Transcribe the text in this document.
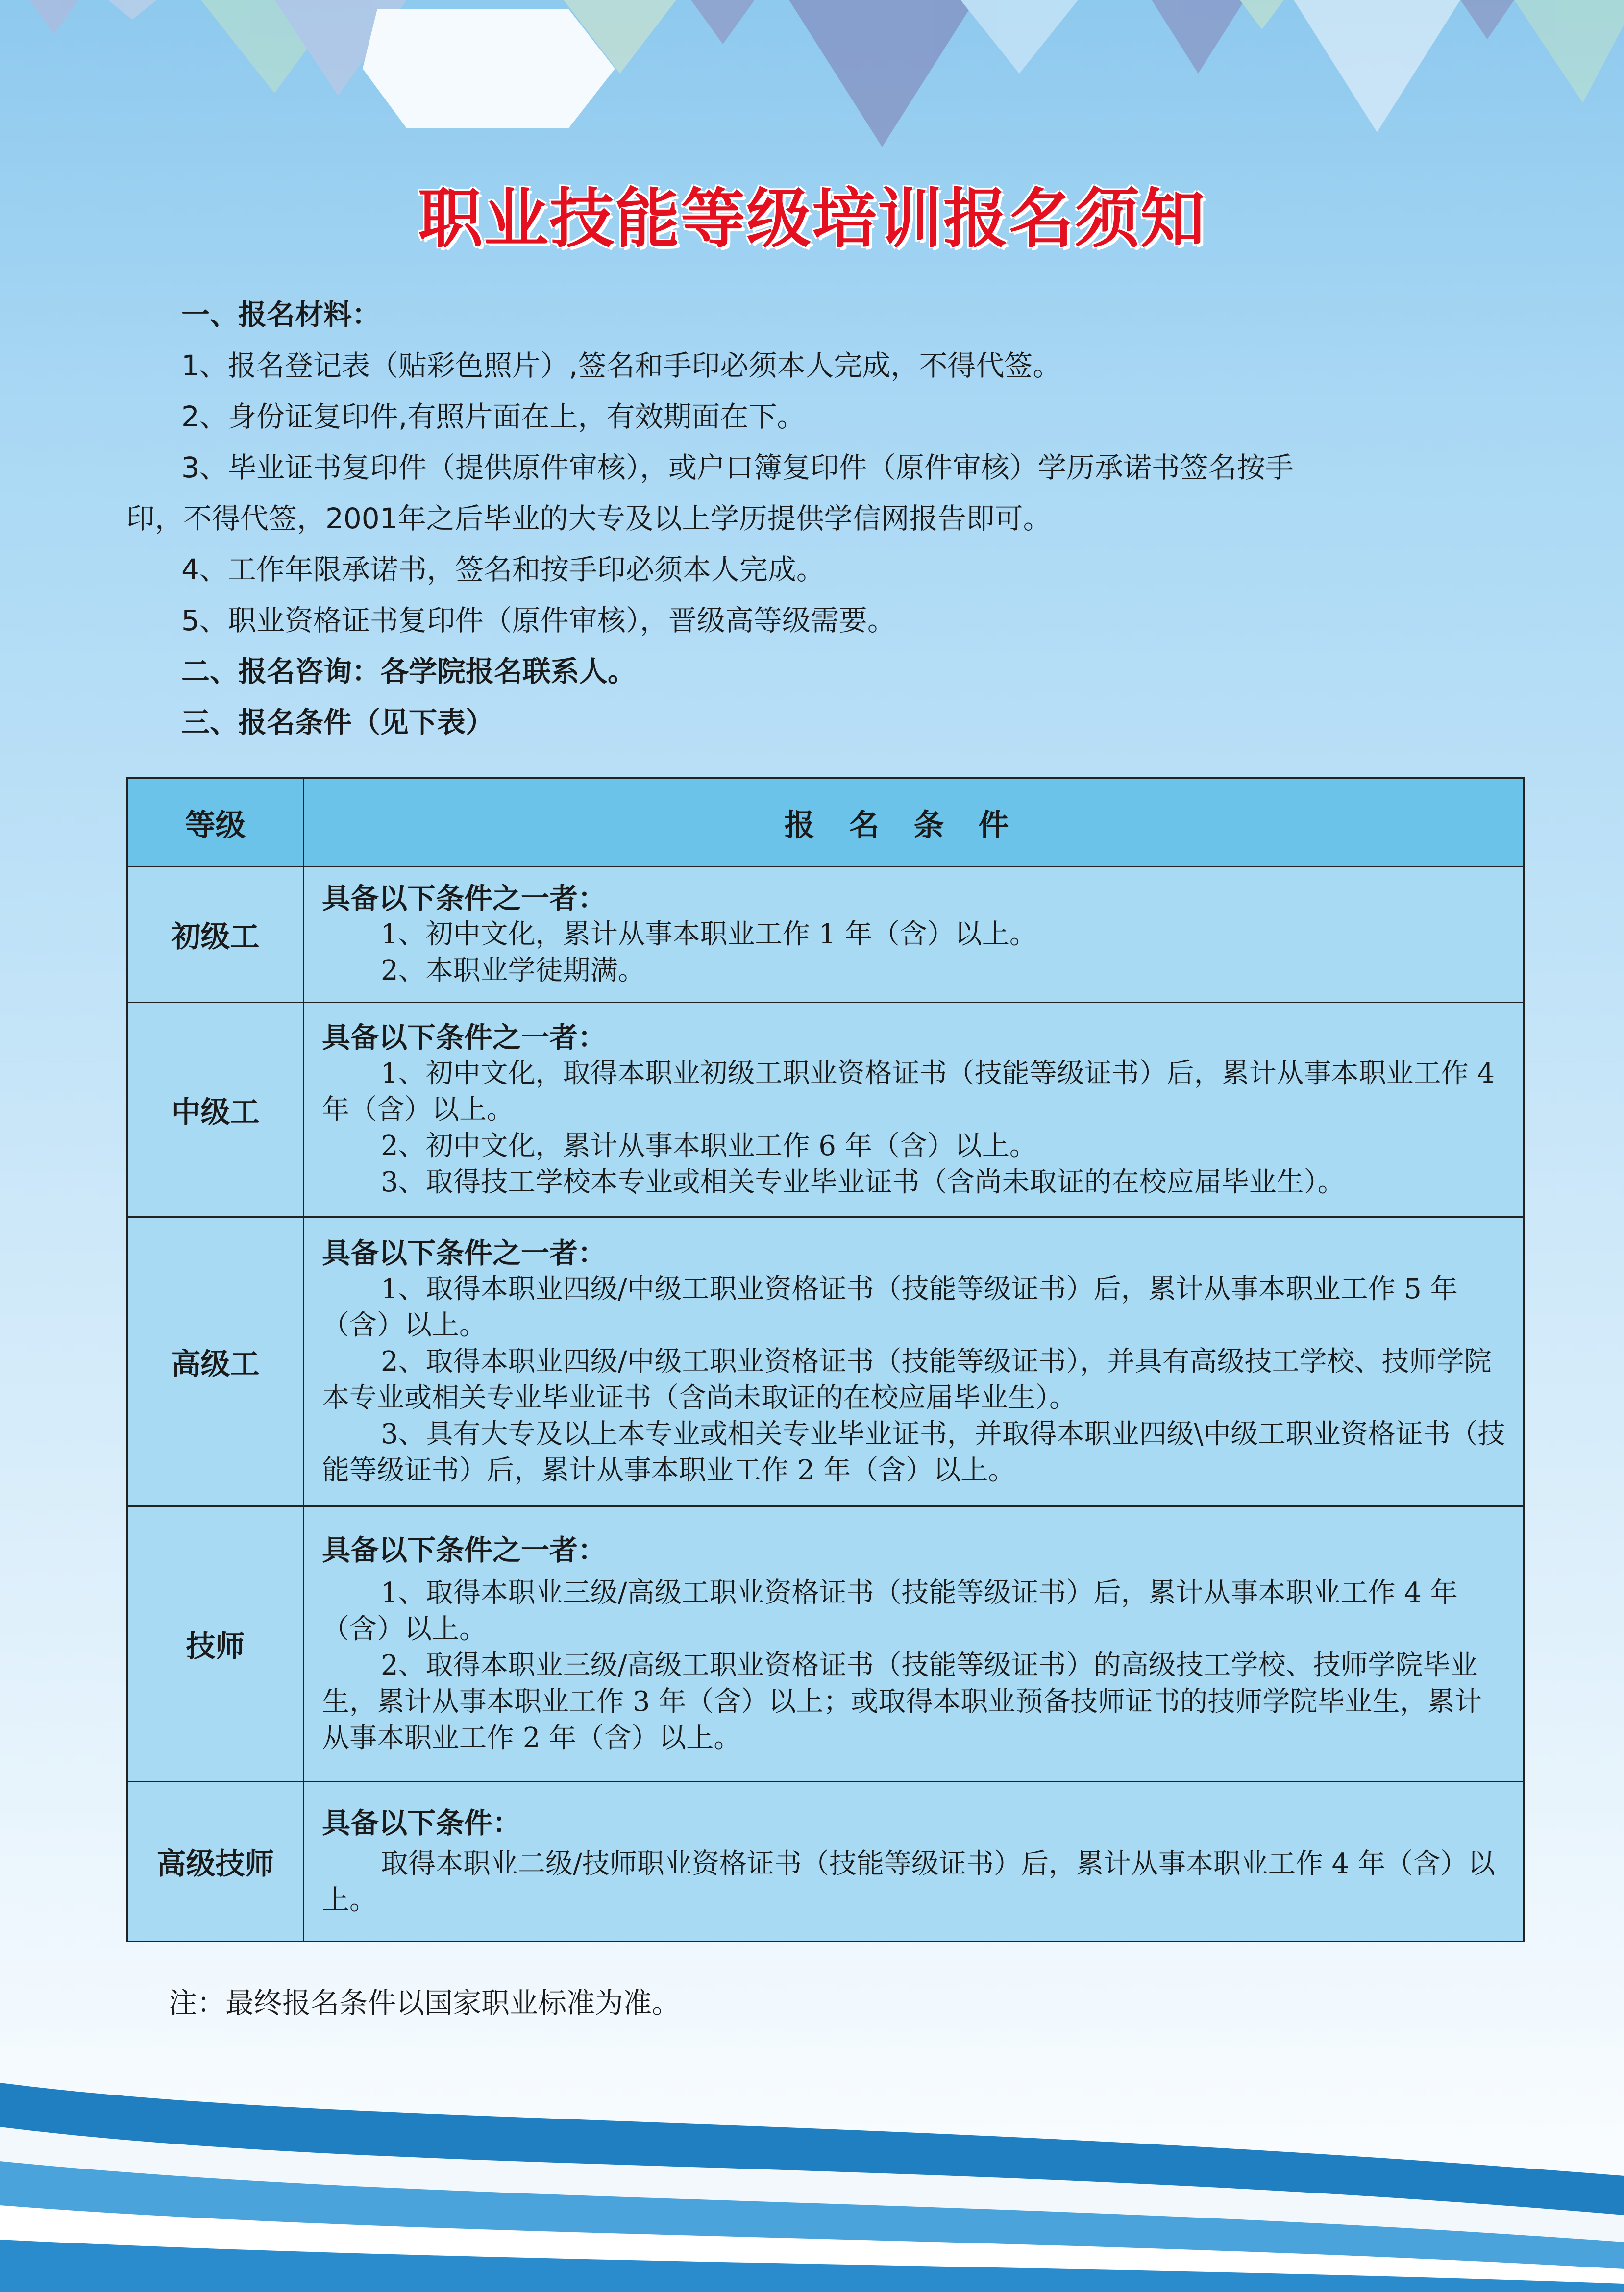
职业技能等级培训报名须知
一、报名材料：
1、报名登记表（贴彩色照片）,签名和手印必须本人完成，不得代签。
2、身份证复印件,有照片面在上，有效期面在下。
3、毕业证书复印件（提供原件审核），或户口簿复印件（原件审核）学历承诺书签名按手
印，不得代签，2001年之后毕业的大专及以上学历提供学信网报告即可。
4、工作年限承诺书，签名和按手印必须本人完成。
5、职业资格证书复印件（原件审核），晋级高等级需要。
二、报名咨询：各学院报名联系人。
三、报名条件（见下表）
等级	报名条件
初级工	具备以下条件之一者：
1、初中文化，累计从事本职业工作 1 年（含）以上。
2、本职业学徒期满。

中级工	具备以下条件之一者：
1、初中文化，取得本职业初级工职业资格证书（技能等级证书）后，累计从事本职业工作 4 年（含）以上。
2、初中文化，累计从事本职业工作 6 年（含）以上。
3、取得技工学校本专业或相关专业毕业证书（含尚未取证的在校应届毕业生）。

高级工	具备以下条件之一者：
1、取得本职业四级/中级工职业资格证书（技能等级证书）后，累计从事本职业工作 5 年（含）以上。
2、取得本职业四级/中级工职业资格证书（技能等级证书），并具有高级技工学校、技师学院本专业或相关专业毕业证书（含尚未取证的在校应届毕业生）。
3、具有大专及以上本专业或相关专业毕业证书，并取得本职业四级\中级工职业资格证书（技能等级证书）后，累计从事本职业工作 2 年（含）以上。

技师	具备以下条件之一者：
1、取得本职业三级/高级工职业资格证书（技能等级证书）后，累计从事本职业工作 4 年（含）以上。
2、取得本职业三级/高级工职业资格证书（技能等级证书）的高级技工学校、技师学院毕业生，累计从事本职业工作 3 年（含）以上；或取得本职业预备技师证书的技师学院毕业生，累计从事本职业工作 2 年（含）以上。

高级技师	具备以下条件：
取得本职业二级/技师职业资格证书（技能等级证书）后，累计从事本职业工作 4 年（含）以上。
注：最终报名条件以国家职业标准为准。
